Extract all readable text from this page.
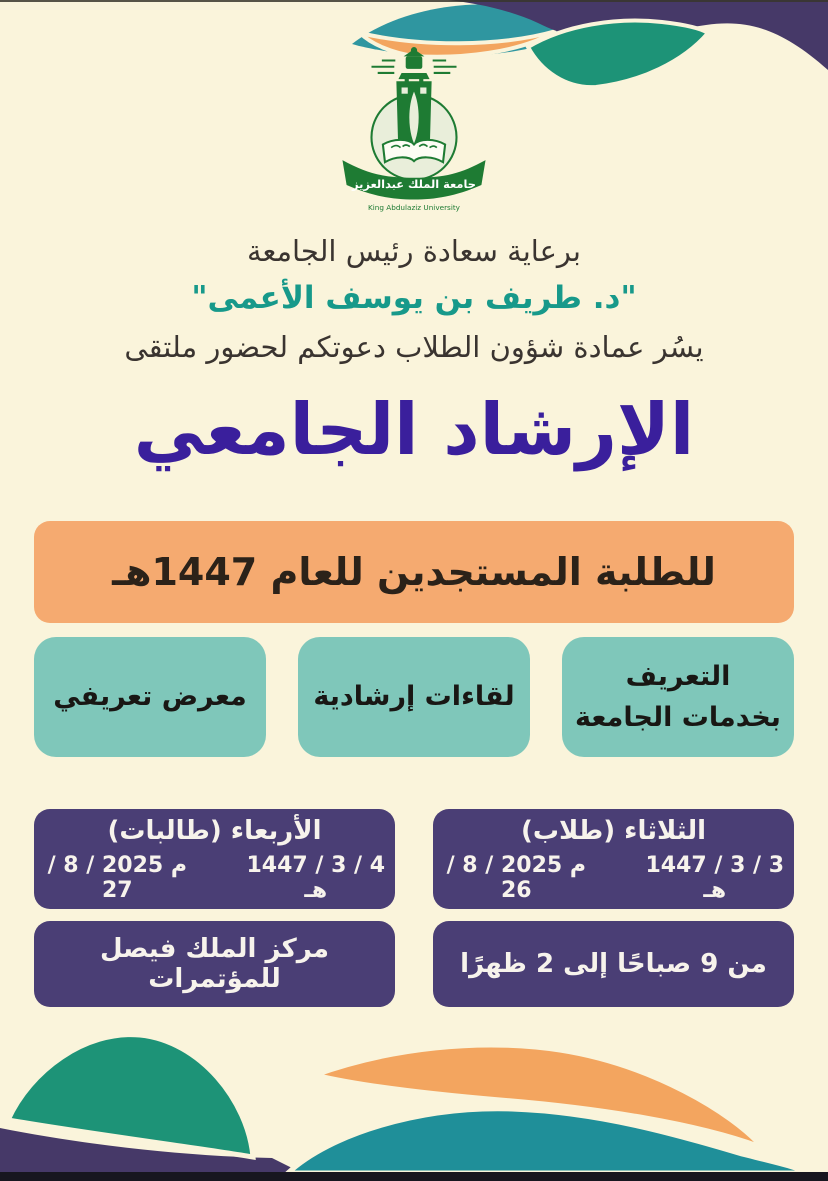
جامعة الملك عبدالعزيز
King Abdulaziz University
برعاية سعادة رئيس الجامعة
"د. طريف بن يوسف الأعمى"
يسُر عمادة شؤون الطلاب دعوتكم لحضور ملتقى
الإرشاد الجامعي
للطلبة المستجدين للعام 1447هـ
التعريف بخدمات الجامعة
لقاءات إرشادية
معرض تعريفي
الثلاثاء (طلاب)
3 / 3 / 1447 هـ
م 2025 / 8 / 26
الأربعاء (طالبات)
4 / 3 / 1447 هـ
م 2025 / 8 / 27
من 9 صباحًا إلى 2 ظهرًا
مركز الملك فيصل للمؤتمرات
